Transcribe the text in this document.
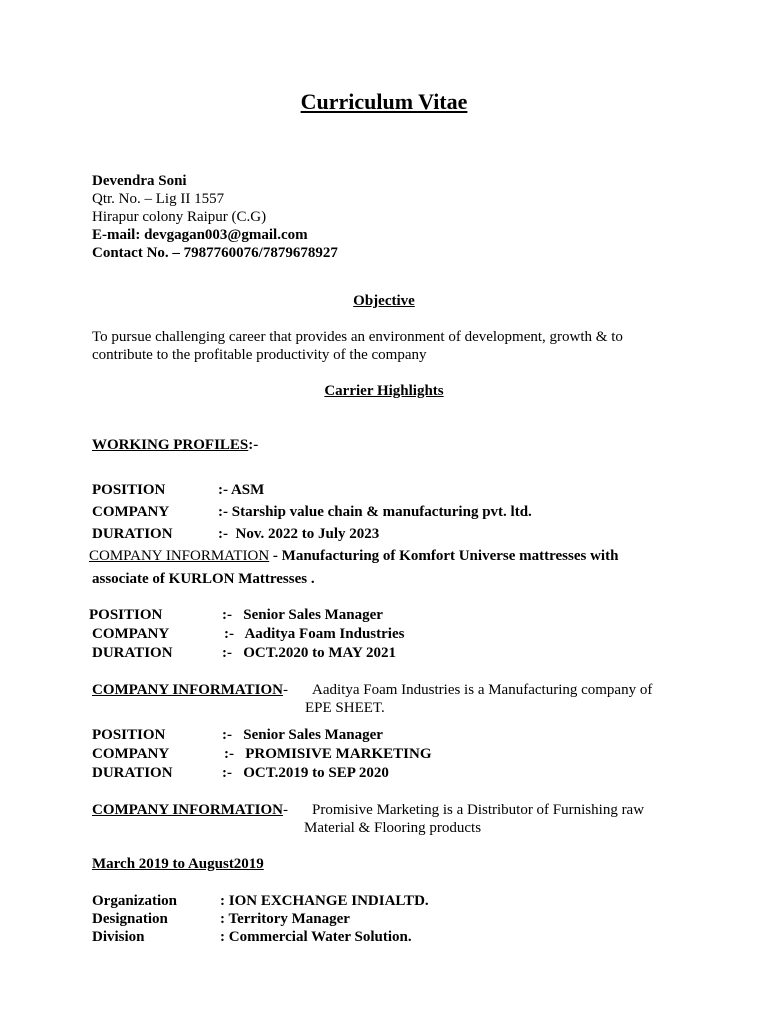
Curriculum Vitae
Devendra Soni
Qtr. No. – Lig II 1557
Hirapur colony Raipur (C.G)
E-mail: devgagan003@gmail.com
Contact No. – 7987760076/7879678927
Objective
To pursue challenging career that provides an environment of development, growth & to
contribute to the profitable productivity of the company
Carrier Highlights
WORKING PROFILES:-
POSITION	:- ASM
COMPANY	:- Starship value chain & manufacturing pvt. ltd.
DURATION	:- Nov. 2022 to July 2023
COMPANY INFORMATION - Manufacturing of Komfort Universe mattresses with
associate of KURLON Mattresses .
POSITION	:- Senior Sales Manager
COMPANY	:- Aaditya Foam Industries
DURATION	:- OCT.2020 to MAY 2021
COMPANY INFORMATION- Aaditya Foam Industries is a Manufacturing company of
EPE SHEET.
POSITION	:- Senior Sales Manager
COMPANY	:- PROMISIVE MARKETING
DURATION	:- OCT.2019 to SEP 2020
COMPANY INFORMATION- Promisive Marketing is a Distributor of Furnishing raw
Material & Flooring products
March 2019 to August2019
Organization	: ION EXCHANGE INDIALTD.
Designation	: Territory Manager
Division	: Commercial Water Solution.
